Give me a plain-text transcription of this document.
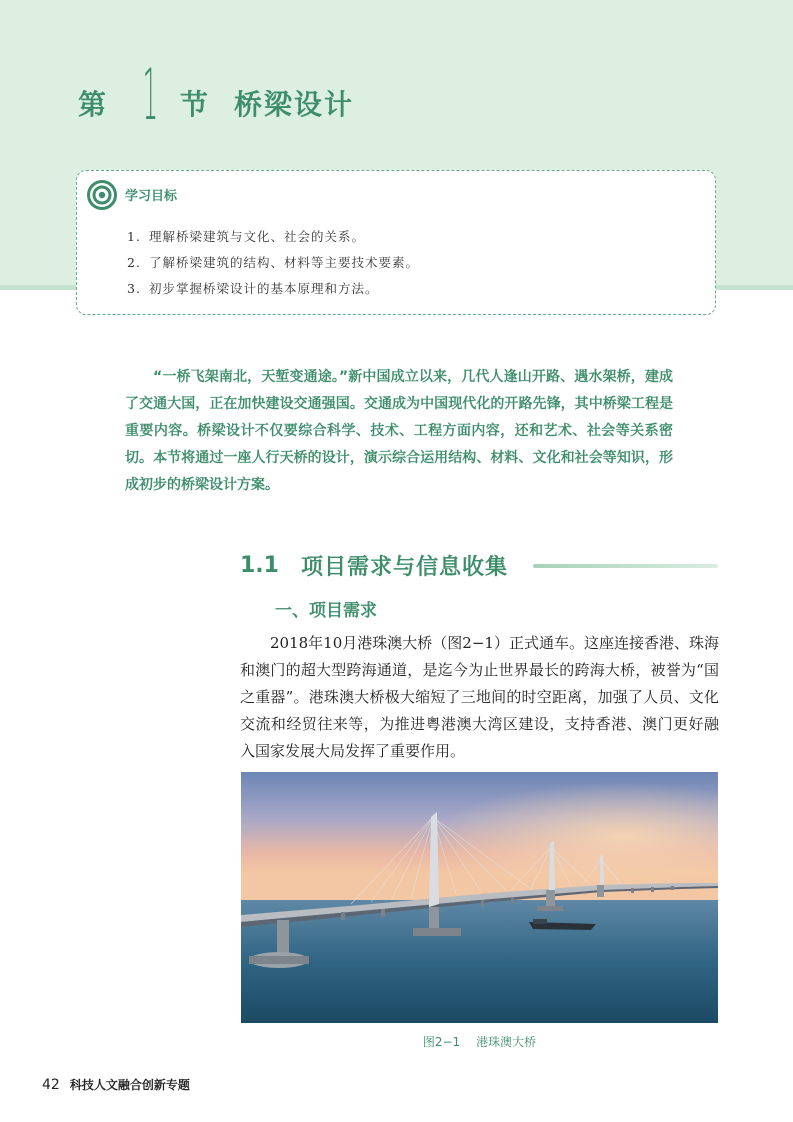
第 1 节 桥梁设计
学习目标
1. 理解桥梁建筑与文化、社会的关系。
2. 了解桥梁建筑的结构、材料等主要技术要素。
3. 初步掌握桥梁设计的基本原理和方法。

“一桥飞架南北，天堑变通途。”新中国成立以来，几代人逢山开路、遇水架桥，建成了交通大国，正在加快建设交通强国。交通成为中国现代化的开路先锋，其中桥梁工程是重要内容。桥梁设计不仅要综合科学、技术、工程方面内容，还和艺术、社会等关系密切。本节将通过一座人行天桥的设计，演示综合运用结构、材料、文化和社会等知识，形成初步的桥梁设计方案。

1.1 项目需求与信息收集
一、项目需求

2018年10月港珠澳大桥（图2−1）正式通车。这座连接香港、珠海和澳门的超大型跨海通道，是迄今为止世界最长的跨海大桥，被誉为“国之重器”。港珠澳大桥极大缩短了三地间的时空距离，加强了人员、文化交流和经贸往来等，为推进粤港澳大湾区建设，支持香港、澳门更好融入国家发展大局发挥了重要作用。

图2−1 港珠澳大桥
42 科技人文融合创新专题
